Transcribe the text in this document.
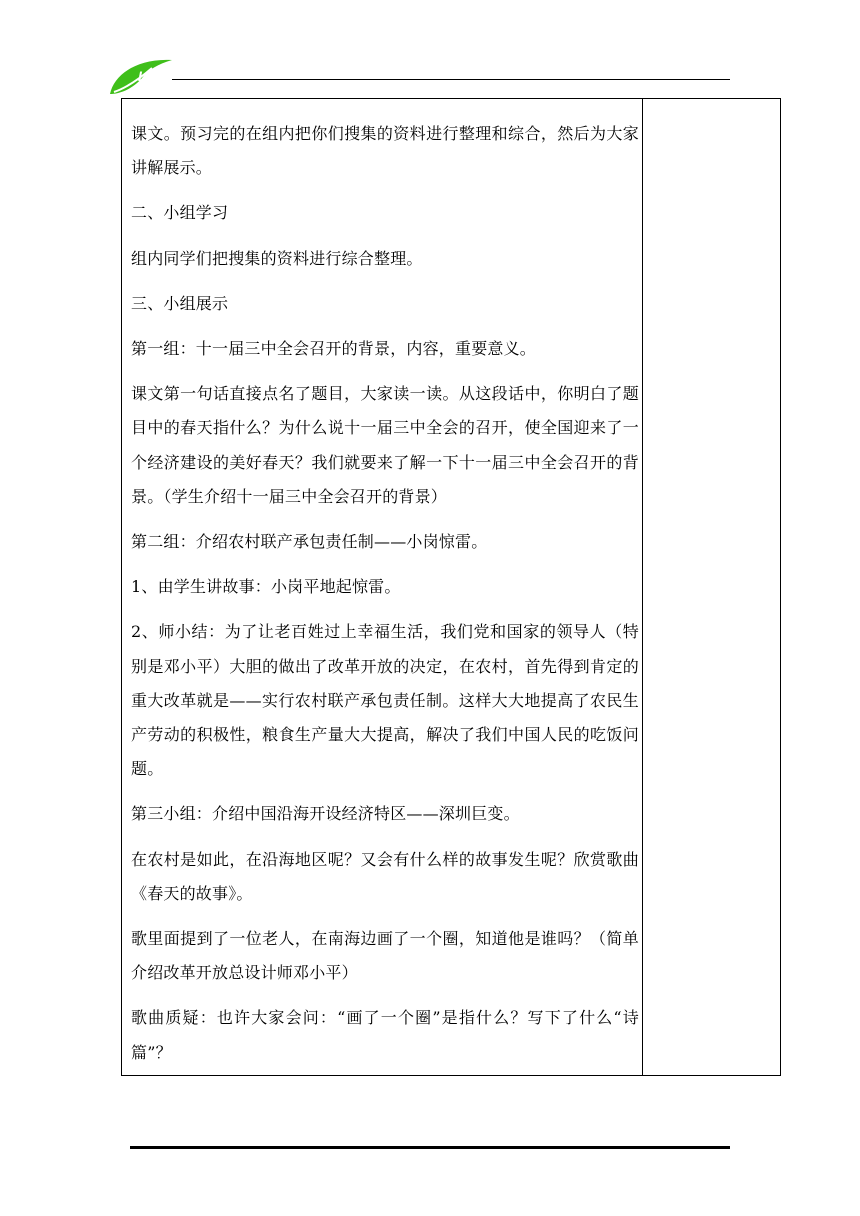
LGS

课文。预习完的在组内把你们搜集的资料进行整理和综合，然后为大家讲解展示。

二、小组学习

组内同学们把搜集的资料进行综合整理。

三、小组展示

第一组：十一届三中全会召开的背景，内容，重要意义。

课文第一句话直接点名了题目，大家读一读。从这段话中，你明白了题目中的春天指什么？为什么说十一届三中全会的召开，使全国迎来了一个经济建设的美好春天？我们就要来了解一下十一届三中全会召开的背景。（学生介绍十一届三中全会召开的背景）

第二组：介绍农村联产承包责任制——小岗惊雷。

1、由学生讲故事：小岗平地起惊雷。

2、师小结：为了让老百姓过上幸福生活，我们党和国家的领导人（特别是邓小平）大胆的做出了改革开放的决定，在农村，首先得到肯定的重大改革就是——实行农村联产承包责任制。这样大大地提高了农民生产劳动的积极性，粮食生产量大大提高，解决了我们中国人民的吃饭问题。

第三小组：介绍中国沿海开设经济特区——深圳巨变。

在农村是如此，在沿海地区呢？又会有什么样的故事发生呢？欣赏歌曲《春天的故事》。

歌里面提到了一位老人，在南海边画了一个圈，知道他是谁吗？（简单介绍改革开放总设计师邓小平）

歌曲质疑：也许大家会问：“画了一个圈”是指什么？写下了什么“诗篇”？
